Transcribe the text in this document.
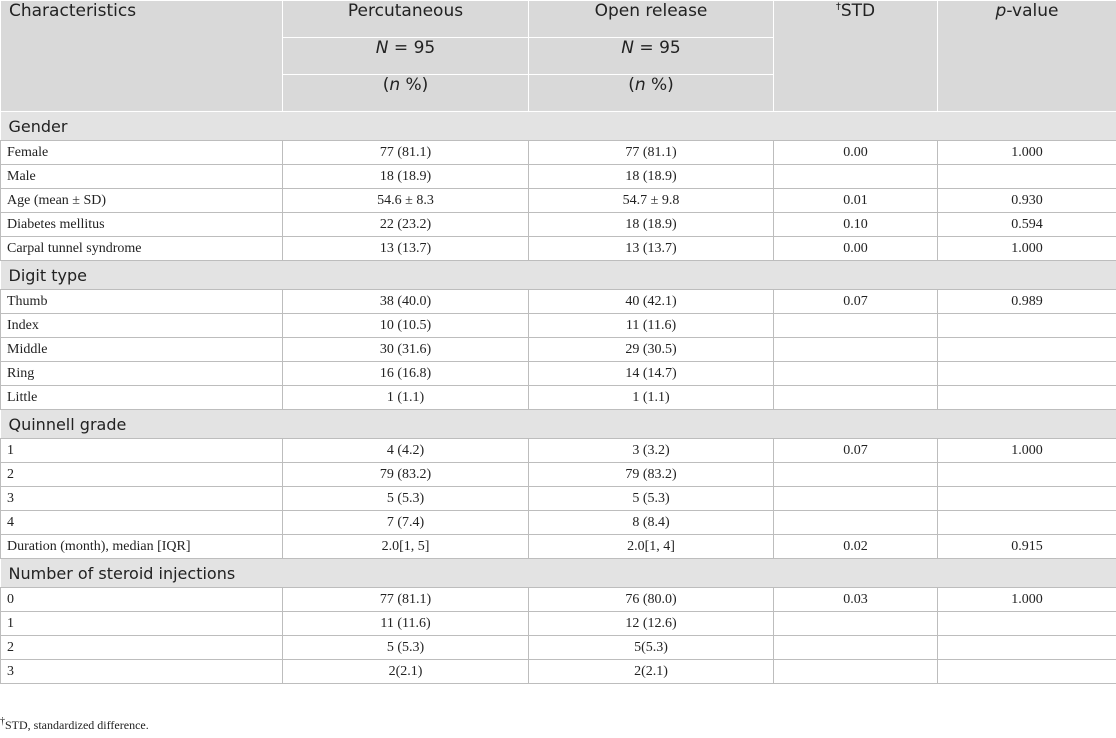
Characteristics	Percutaneous	Open release	†STD	p-value
	N = 95	N = 95		
	(n %)	(n %)		
Gender				
Female	77 (81.1)	77 (81.1)	0.00	1.000
Male	18 (18.9)	18 (18.9)		
Age (mean ± SD)	54.6 ± 8.3	54.7 ± 9.8	0.01	0.930
Diabetes mellitus	22 (23.2)	18 (18.9)	0.10	0.594
Carpal tunnel syndrome	13 (13.7)	13 (13.7)	0.00	1.000
Digit type				
Thumb	38 (40.0)	40 (42.1)	0.07	0.989
Index	10 (10.5)	11 (11.6)		
Middle	30 (31.6)	29 (30.5)		
Ring	16 (16.8)	14 (14.7)		
Little	1 (1.1)	1 (1.1)		
Quinnell grade				
1	4 (4.2)	3 (3.2)	0.07	1.000
2	79 (83.2)	79 (83.2)		
3	5 (5.3)	5 (5.3)		
4	7 (7.4)	8 (8.4)		
Duration (month), median [IQR]	2.0[1, 5]	2.0[1, 4]	0.02	0.915
Number of steroid injections				
0	77 (81.1)	76 (80.0)	0.03	1.000
1	11 (11.6)	12 (12.6)		
2	5 (5.3)	5(5.3)		
3	2(2.1)	2(2.1)		
†STD, standardized difference.
